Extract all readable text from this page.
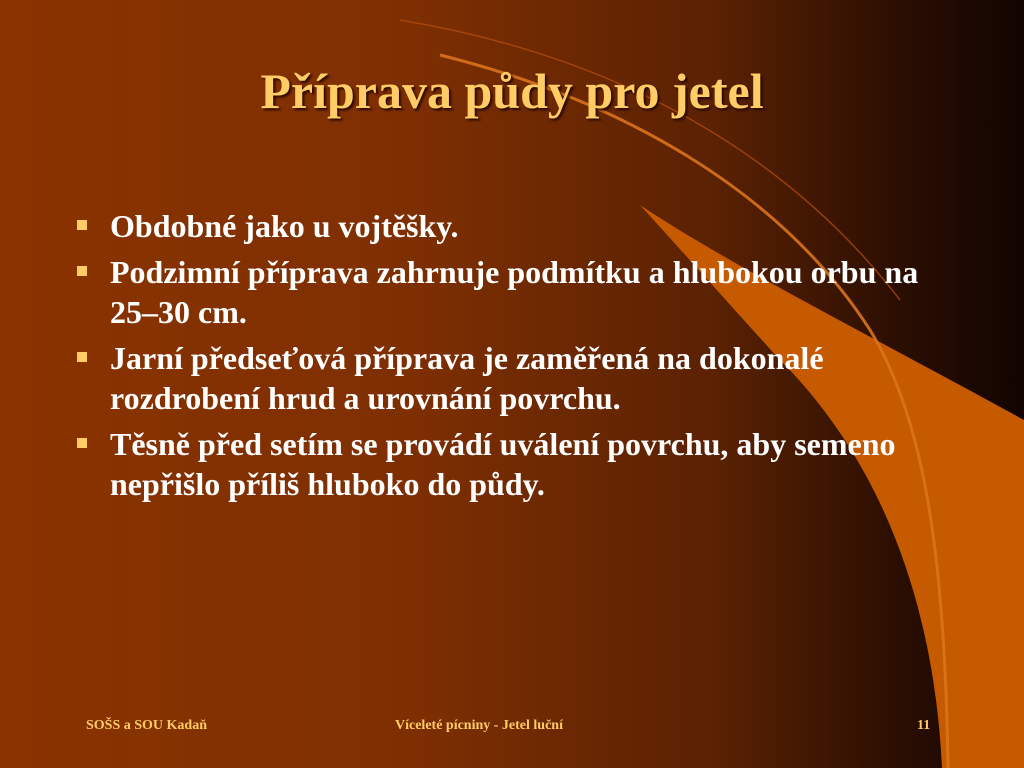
Příprava půdy pro jetel
Obdobné jako u vojtěšky.
Podzimní příprava zahrnuje podmítku a hlubokou orbu na 25–30 cm.
Jarní předseťová příprava je zaměřená na dokonalé rozdrobení hrud a urovnání povrchu.
Těsně před setím se provádí uválení povrchu, aby semeno nepřišlo příliš hluboko do půdy.
SOŠS a SOU Kadaň	Víceleté pícniny - Jetel luční	11
